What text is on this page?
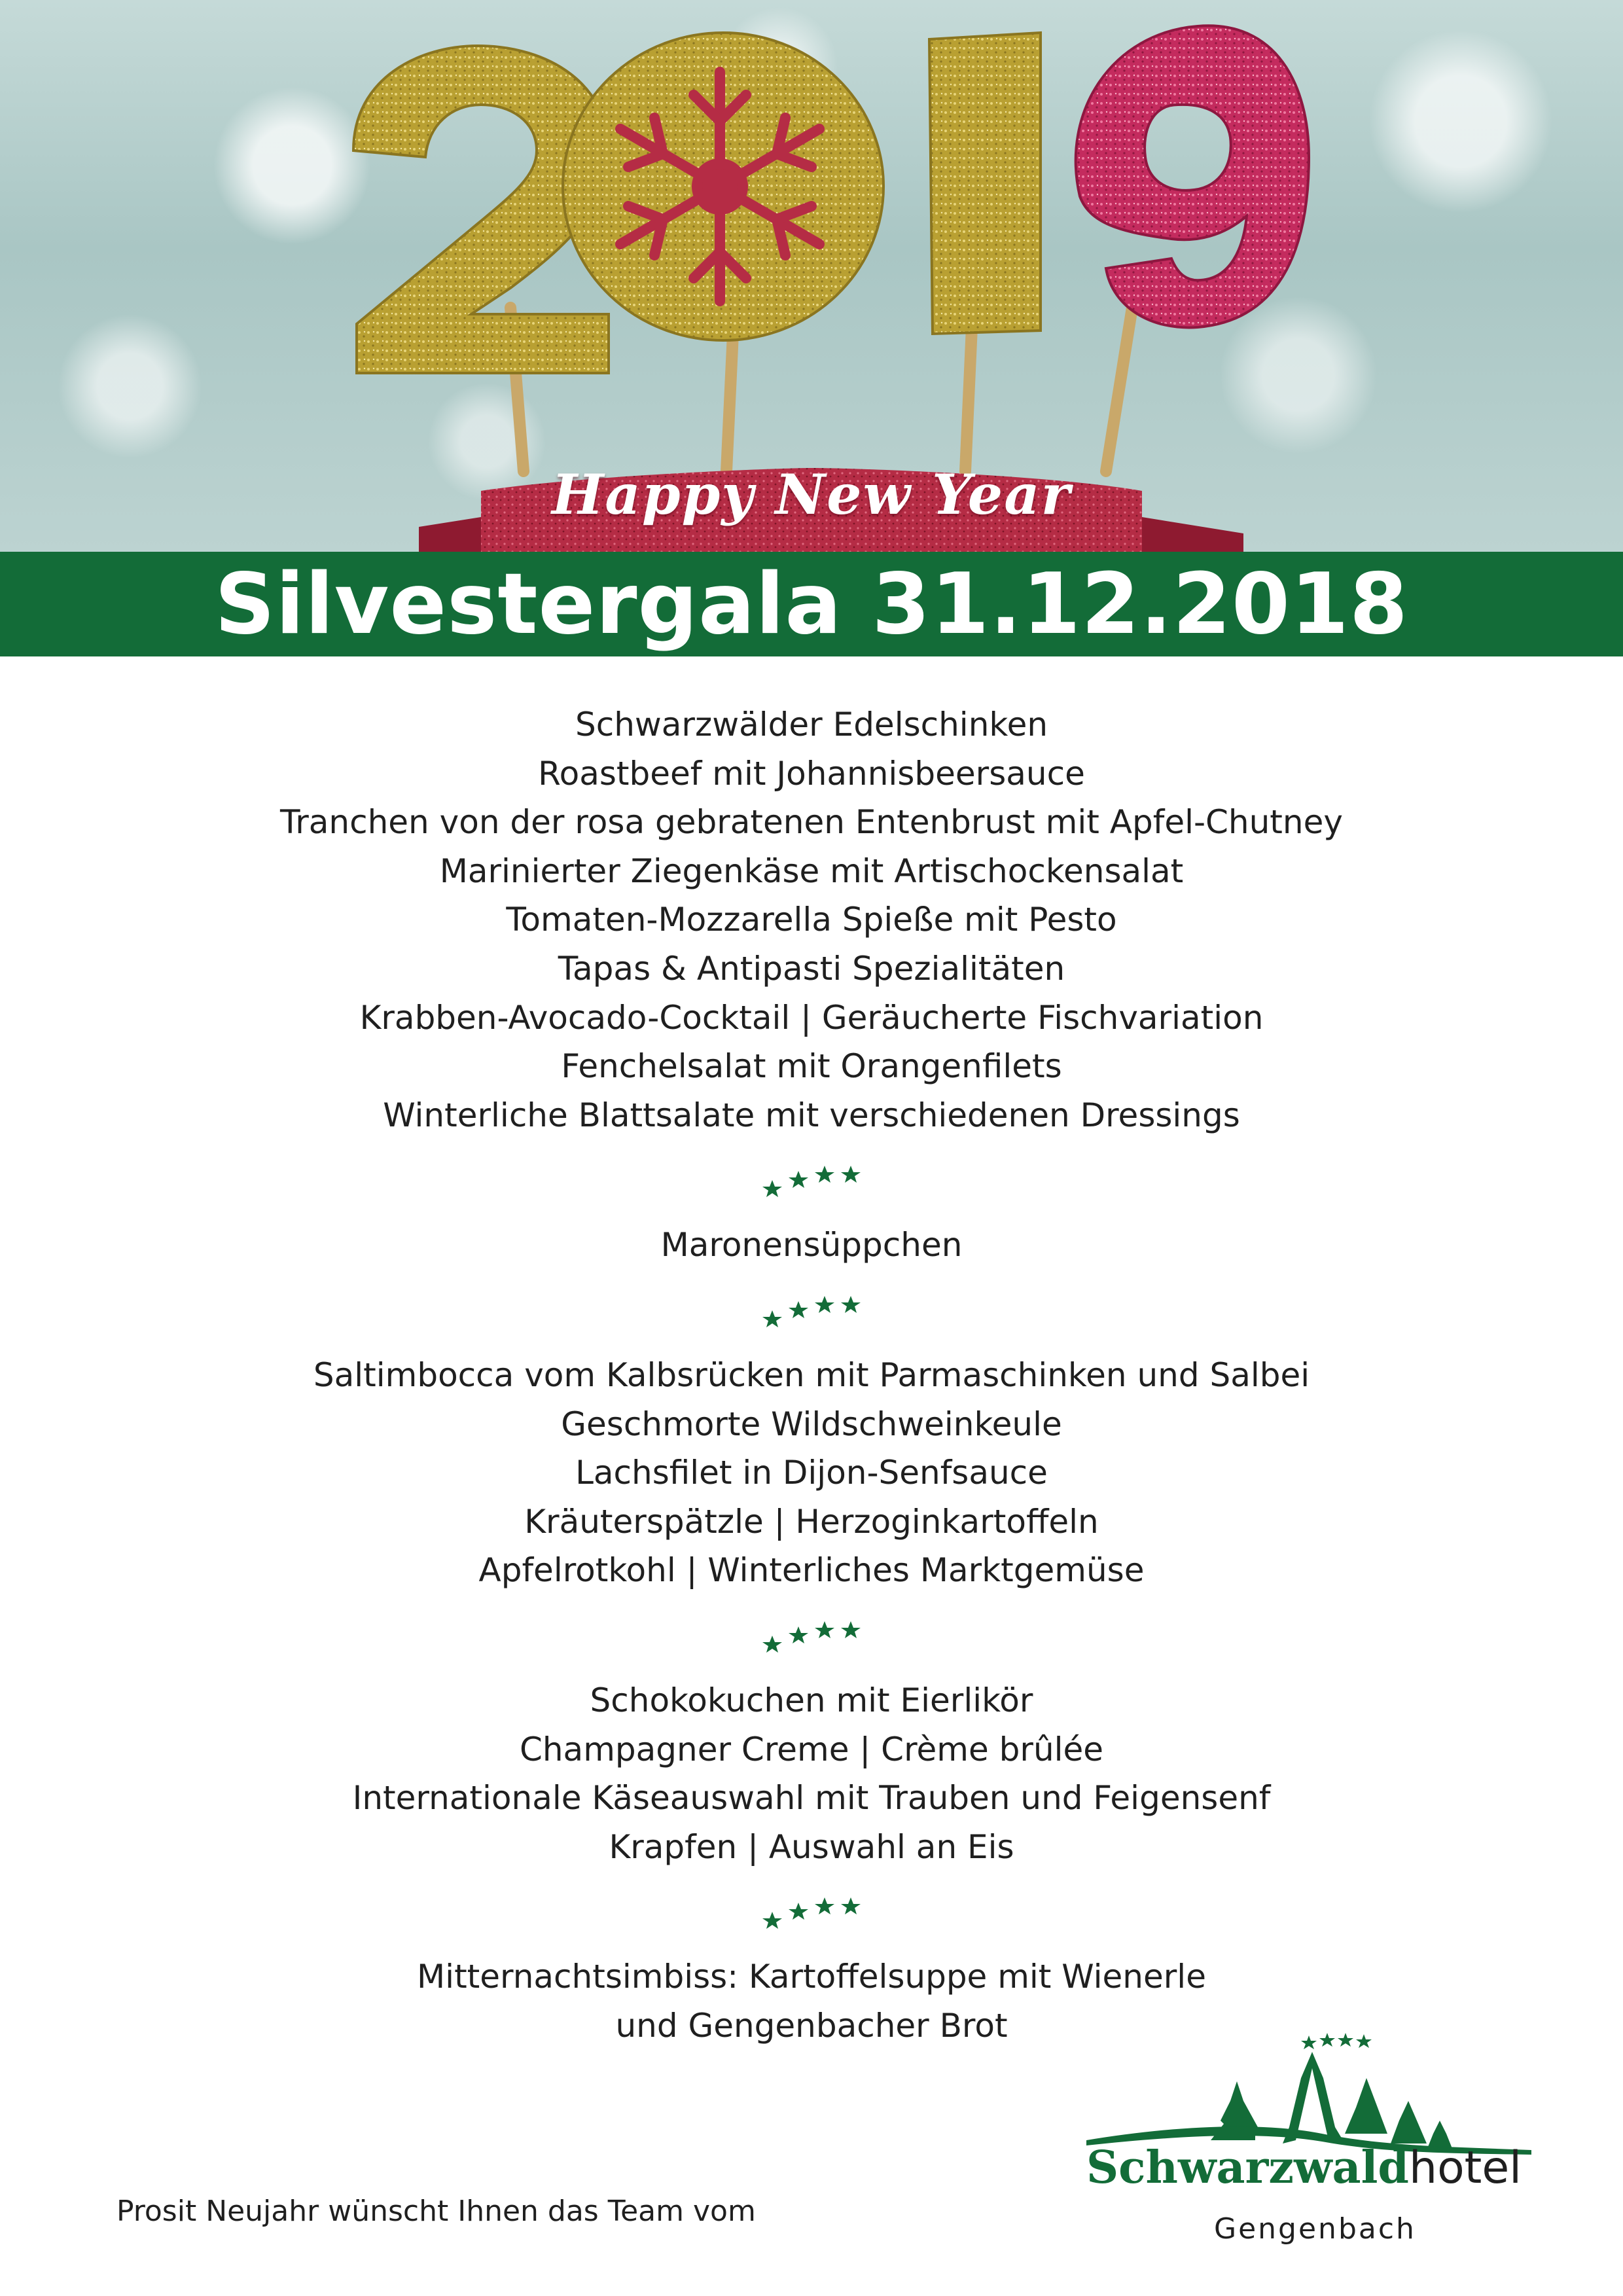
Happy New Year
Silvestergala 31.12.2018
Schwarzwälder Edelschinken
Roastbeef mit Johannisbeersauce
Tranchen von der rosa gebratenen Entenbrust mit Apfel-Chutney
Marinierter Ziegenkäse mit Artischockensalat
Tomaten-Mozzarella Spieße mit Pesto
Tapas & Antipasti Spezialitäten
Krabben-Avocado-Cocktail | Geräucherte Fischvariation
Fenchelsalat mit Orangenfilets
Winterliche Blattsalate mit verschiedenen Dressings
Maronensüppchen
Saltimbocca vom Kalbsrücken mit Parmaschinken und Salbei
Geschmorte Wildschweinkeule
Lachsfilet in Dijon-Senfsauce
Kräuterspätzle | Herzoginkartoffeln
Apfelrotkohl | Winterliches Marktgemüse
Schokokuchen mit Eierlikör
Champagner Creme | Crème brûlée
Internationale Käseauswahl mit Trauben und Feigensenf
Krapfen | Auswahl an Eis
Mitternachtsimbiss: Kartoffelsuppe mit Wienerle
und Gengenbacher Brot
Prosit Neujahr wünscht Ihnen das Team vom
Schwarzwaldhotel
Gengenbach
